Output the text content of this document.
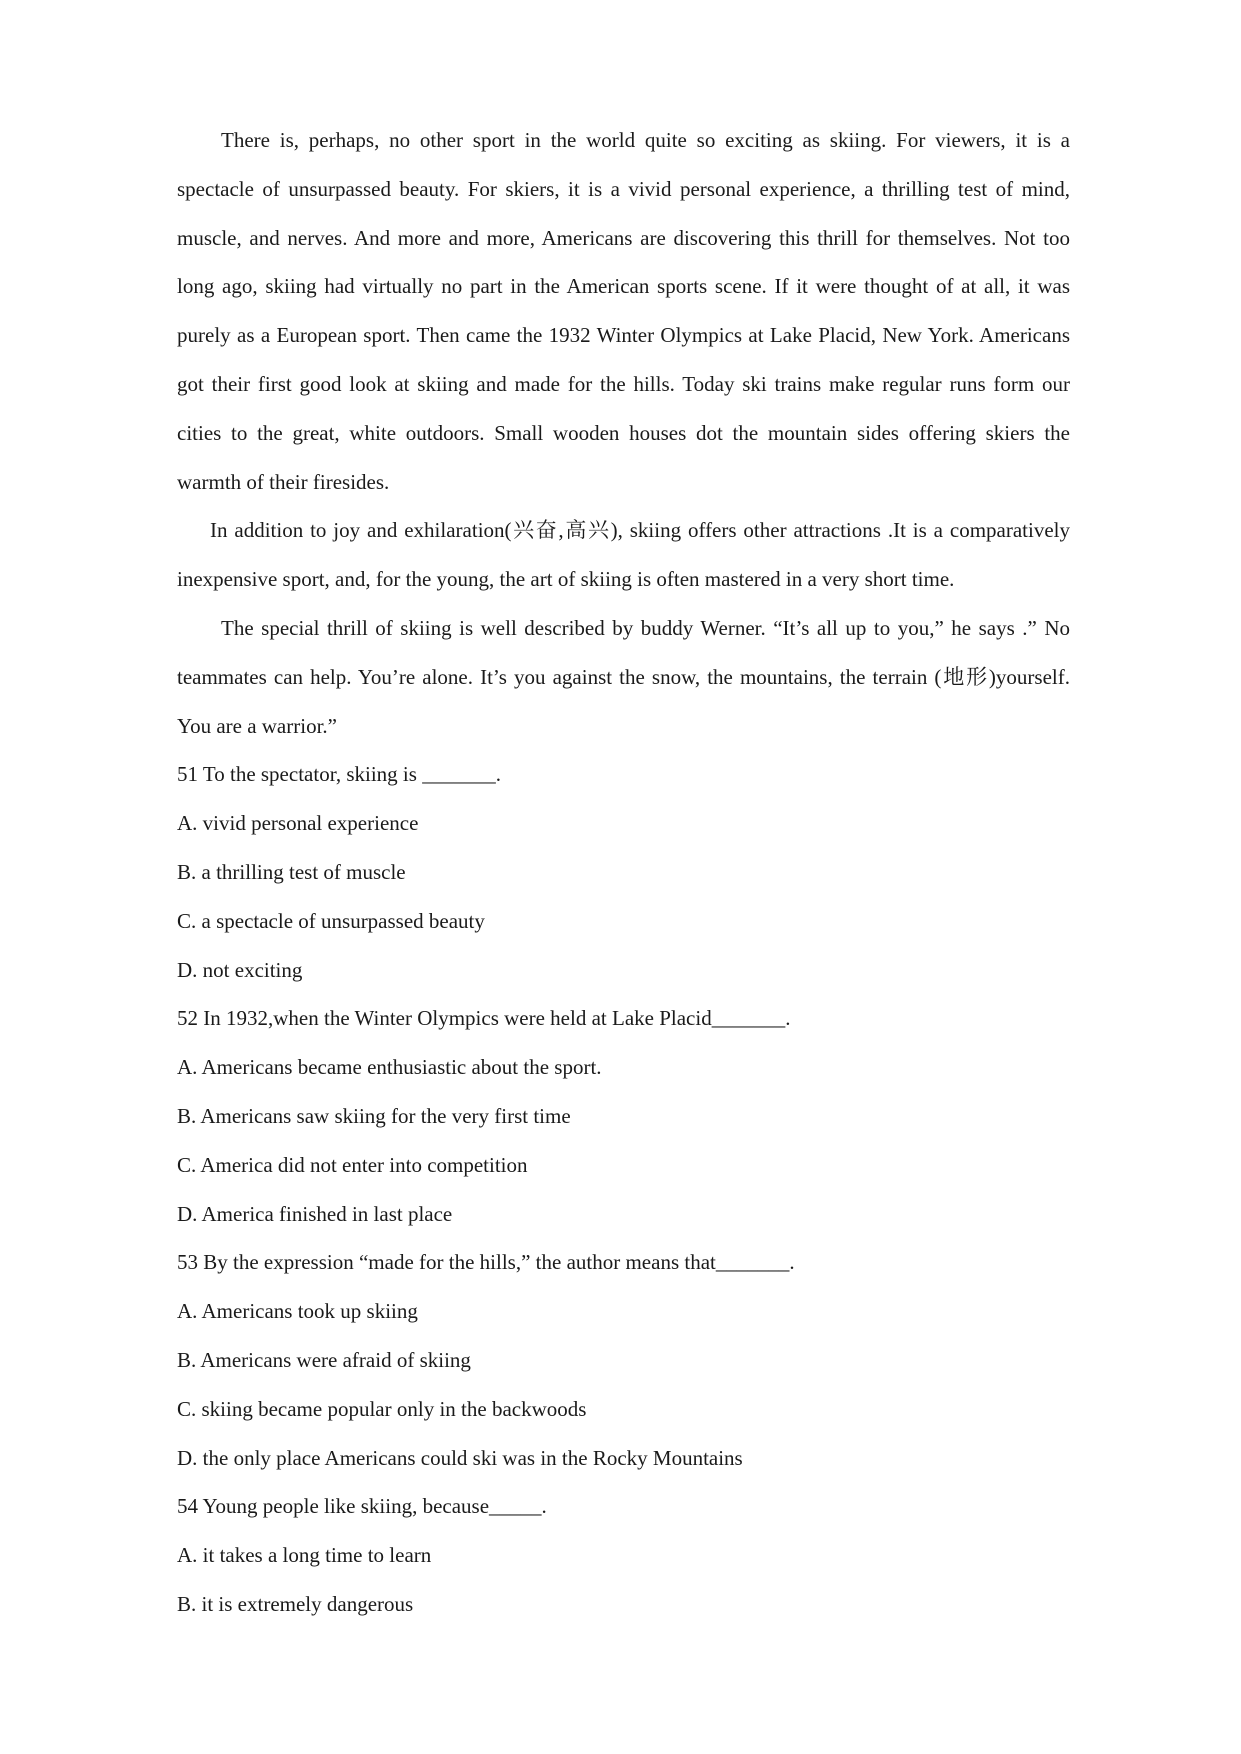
There is, perhaps, no other sport in the world quite so exciting as skiing. For viewers, it is a spectacle of unsurpassed beauty. For skiers, it is a vivid personal experience, a thrilling test of mind, muscle, and nerves. And more and more, Americans are discovering this thrill for themselves. Not too long ago, skiing had virtually no part in the American sports scene. If it were thought of at all, it was purely as a European sport. Then came the 1932 Winter Olympics at Lake Placid, New York. Americans got their first good look at skiing and made for the hills. Today ski trains make regular runs form our cities to the great, white outdoors. Small wooden houses dot the mountain sides offering skiers the warmth of their firesides.

In addition to joy and exhilaration(兴奋,高兴), skiing offers other attractions .It is a comparatively inexpensive sport, and, for the young, the art of skiing is often mastered in a very short time.

The special thrill of skiing is well described by buddy Werner. “It’s all up to you,” he says .” No teammates can help. You’re alone. It’s you against the snow, the mountains, the terrain (地形)yourself. You are a warrior.”

51 To the spectator, skiing is _______.

A. vivid personal experience

B. a thrilling test of muscle

C. a spectacle of unsurpassed beauty

D. not exciting

52 In 1932,when the Winter Olympics were held at Lake Placid_______.

A. Americans became enthusiastic about the sport.

B. Americans saw skiing for the very first time

C. America did not enter into competition

D. America finished in last place

53 By the expression “made for the hills,” the author means that_______.

A. Americans took up skiing

B. Americans were afraid of skiing

C. skiing became popular only in the backwoods

D. the only place Americans could ski was in the Rocky Mountains

54 Young people like skiing, because_____.

A. it takes a long time to learn

B. it is extremely dangerous
